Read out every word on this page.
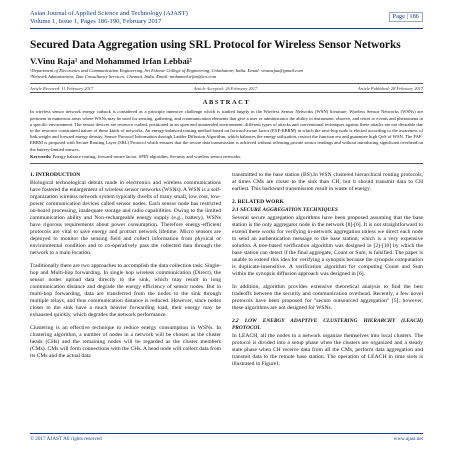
Asian Journal of Applied Science and Technology (AJAST)
Volume 1, Issue 1, Pages 186-190, February 2017
Page | 186
Secured Data Aggregation using SRL Protocol for Wireless Sensor Networks
V.Vinu Raja¹ and Mohammed Irfan Lebbai²
¹Department of Electronics and Communication Engineering, Sri Eshwar College of Engineering, Coimbatore, India. Email: vinuvajaa@gmail.com
²Network Administrator, Tata Consultancy Services, Chennai, India. Email: mohamed.irfan@tcs.com
Article Received: 11 February 2017	Article Accepted: 26 February 2017	Article Published: 28 February 2017
ABSTRACT
In wireless sensor network energy cutback is considered as a principle intensive challenge which is studied largely in the Wireless Sensor Networks (WSN) literature. Wireless Sensor Networks (WSNs) are pertinent in numerous areas where WSNs may be used for sensing, gathering, and communication elements that give a user or administrator the ability to instrument, observe, and retort to events and phenomena in a specific environment. The sensor devices are resource curbed, positioned in an open and unattended environment, different types of attacks and conventional techniques against these attacks are not desirable due to the resource constrained nature of these kinds of networks. An energy-balanced routing method based on forward-aware factor (FAF-EBRM) in which the next-hop node is elected according to the awareness of link weight and forward energy density. Sensor Protocol Information through Ladder Diffusion Algorithm, which balances the energy utilization, restrict the function era and guarantee high QoS of WSN. The FAF-EBRM is proposed with Secure Routing Layer (SRL) Protocol which ensures that the secure data transmission is achieved without releasing private sensor readings and without introducing significant overhead on the battery-limited sensors.
Keywords: Energy balance routing, forward-aware factor, SPIN algorithm, Security and wireless sensor networks.
1. INTRODUCTION

Biological technological debuts made in electronics and wireless communications have fostered the enlargement of wireless sensor networks (WSNs). A WSN is a self-organization wireless network system typically dwells of many small, low cost, low-power communication devices called sensor nodes. Each sensor node has restricted on-board processing, inadequate storage and radio capabilities. Owing to the limited communication ability and Non-rechargeable energy supply (e.g., battery), WSNs have rigorous requirements about power consumption. Therefore energy-efficient protocols are vital to save energy and protract network lifetime. Micro sensors are deployed to monitor the sensing field and collect information from physical or environmental condition and to co-operatively pass the collected data through the network to a main location.

Traditionally there are two approaches to accomplish the data collection task: Single-hop and Multi-hop forwarding. In single hop wireless communication (Direct), the sensor nodes upload data directly to the sink, which may result in long communication distance and degrade the energy efficiency of sensor nodes. But in multi-hop forwarding, data are transferred from the nodes to the sink through multiple relays, and thus communication distance is reduced. However, since nodes closer to the sink have a much heavier forwarding load, their energy may be exhausted quickly, which degrades the network performance.

Clustering is an effective technique to reduce energy consumption in WSNs. In clustering algorithm, a number of nodes in a network will be chosen as the cluster heads (CHs) and the remaining nodes will be regarded as the cluster members (CMs). CMs will form connections with the CHs. A head node will collect data from its CMs and the actual data

transmitted to the base station (BS).In WSN clustered hierarchical routing protocols, at times CMs are closer to the sink than CH, but it should transmit data to CH earliest. This backward transmission result in waste of energy.

2. RELATED WORK
2.1 SECURE AGGREGATION TECHNIQUES

Several secure aggregation algorithms have been proposed assuming that the base station is the only aggregator node in the network [8]-[6]. It is not straightforward to extend these works for verifying in-network aggregation unless we direct each node to send an authentication message to the base station, which is a very expensive solution. A tree-based verification algorithm was designed in [2]-[10] by which the base station can detect if the final aggregate, Count or Sum, is falsified. The paper is unable to extend this idea for verifying a synopsis because the synopsis computation is duplicate-insensitive. A verification algorithm for computing Count and Sum within the synopsis diffusion approach was designed in [6].

In addition, algorithm provides extensive theoretical analysis to find the best tradeoffs between the security and communication overhead. Recently, a few novel protocols have been proposed for "secure outsourced aggregation" [5]; however, these algorithms are not designed for WSNs.

2.2 LOW ENERGY ADAPTIVE CLUSTERING HIERARCHY (LEACH) PROTOCOL

In LEACH, all the nodes in a network organize themselves into local clusters. The protocol is divided into a setup phase when the clusters are organized and a steady state phase when CH receive data from all the CMs, perform data aggregation and transmit data to the remote base station. The operation of LEACH in time slots is illustrated in Figure1.

© 2017 AJAST All rights reserved	www.ajast.net
